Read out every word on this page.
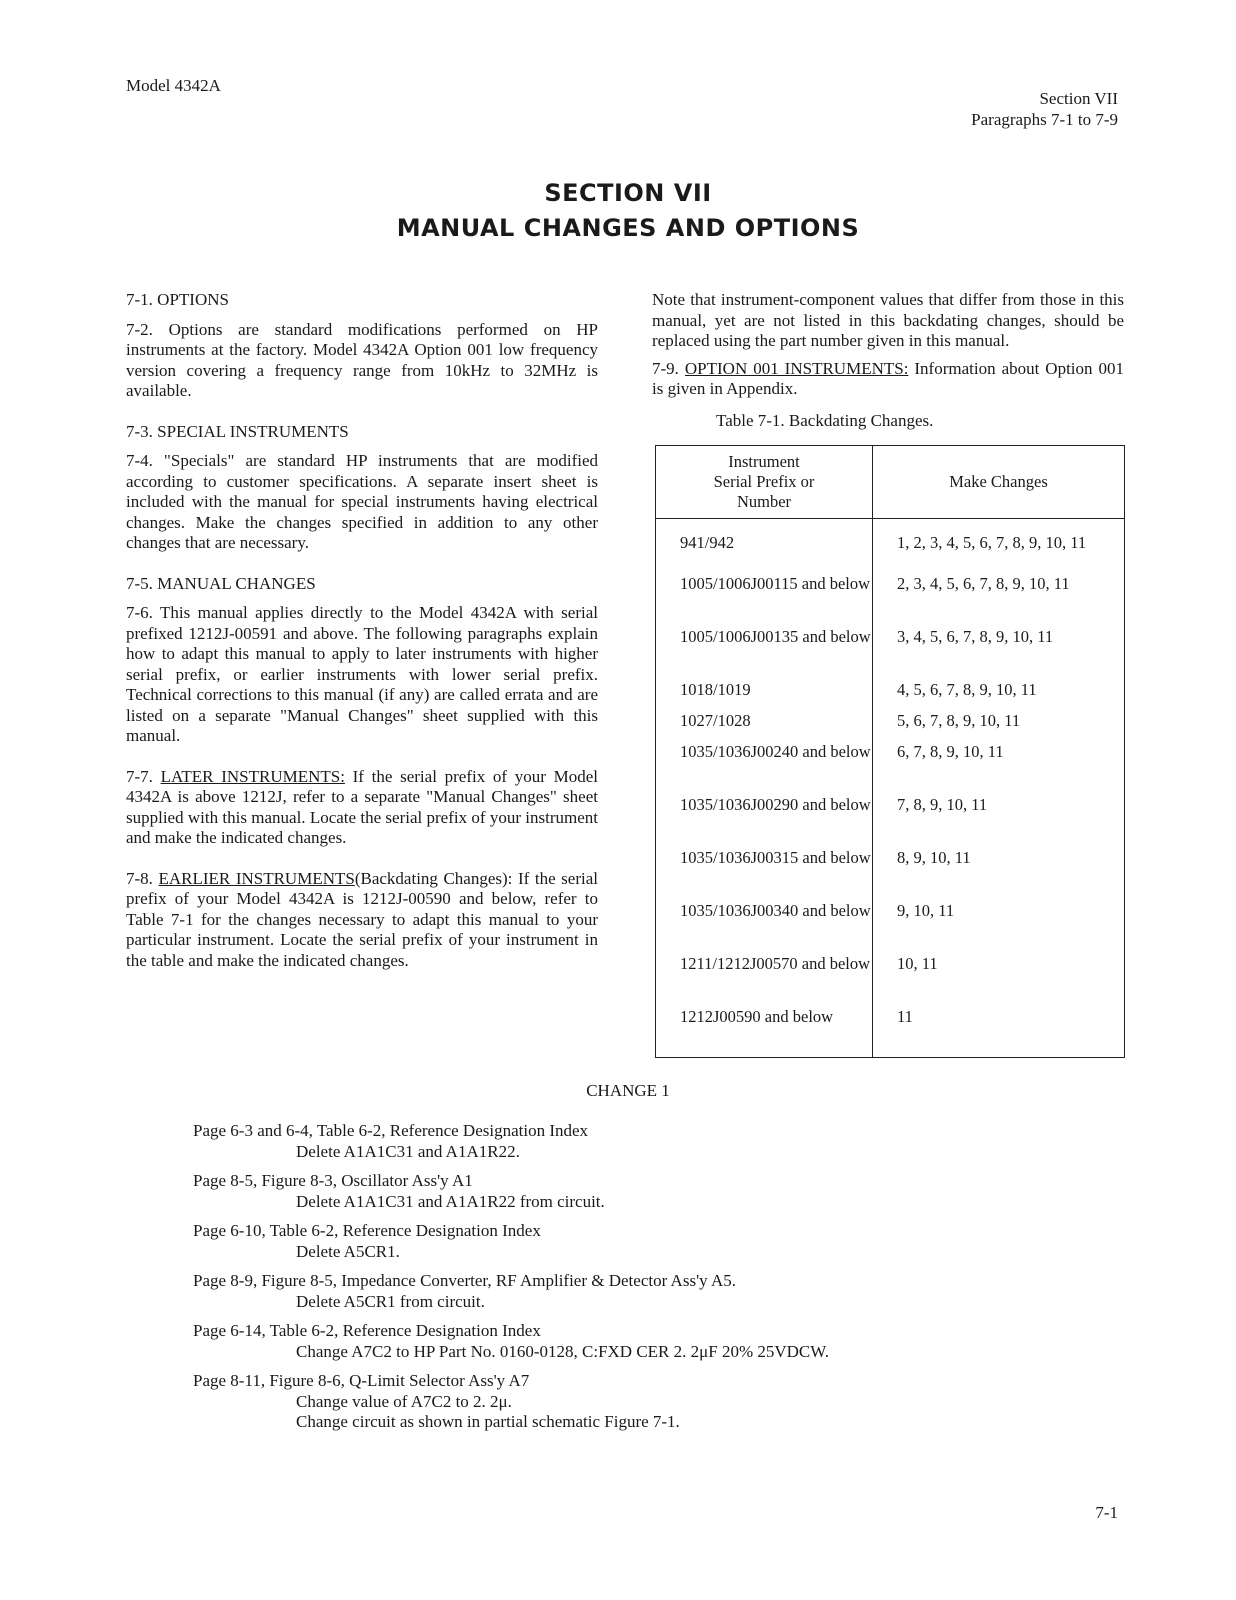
Model 4342A
Section VII
Paragraphs 7-1 to 7-9
SECTION VII
MANUAL CHANGES AND OPTIONS
7-1. OPTIONS

7-2. Options are standard modifications performed on HP instruments at the factory. Model 4342A Option 001 low frequency version covering a frequency range from 10kHz to 32MHz is available.

7-3. SPECIAL INSTRUMENTS

7-4. "Specials" are standard HP instruments that are modified according to customer specifications. A separate insert sheet is included with the manual for special instruments having electrical changes. Make the changes specified in addition to any other changes that are necessary.

7-5. MANUAL CHANGES

7-6. This manual applies directly to the Model 4342A with serial prefixed 1212J-00591 and above. The following paragraphs explain how to adapt this manual to apply to later instruments with higher serial prefix, or earlier instruments with lower serial prefix. Technical corrections to this manual (if any) are called errata and are listed on a separate "Manual Changes" sheet supplied with this manual.

7-7. LATER INSTRUMENTS: If the serial prefix of your Model 4342A is above 1212J, refer to a separate "Manual Changes" sheet supplied with this manual. Locate the serial prefix of your instrument and make the indicated changes.

7-8. EARLIER INSTRUMENTS(Backdating Changes): If the serial prefix of your Model 4342A is 1212J-00590 and below, refer to Table 7-1 for the changes necessary to adapt this manual to your particular instrument. Locate the serial prefix of your instrument in the table and make the indicated changes.

Note that instrument-component values that differ from those in this manual, yet are not listed in this backdating changes, should be replaced using the part number given in this manual.

7-9. OPTION 001 INSTRUMENTS: Information about Option 001 is given in Appendix.

Table 7-1. Backdating Changes.
Instrument
Serial Prefix or
Number	Make Changes
941/942	1, 2, 3, 4, 5, 6, 7, 8, 9, 10, 11
1005/1006J00115 and below	2, 3, 4, 5, 6, 7, 8, 9, 10, 11
1005/1006J00135 and below	3, 4, 5, 6, 7, 8, 9, 10, 11
1018/1019	4, 5, 6, 7, 8, 9, 10, 11
1027/1028	5, 6, 7, 8, 9, 10, 11
1035/1036J00240 and below	6, 7, 8, 9, 10, 11
1035/1036J00290 and below	7, 8, 9, 10, 11
1035/1036J00315 and below	8, 9, 10, 11
1035/1036J00340 and below	9, 10, 11
1211/1212J00570 and below	10, 11
1212J00590 and below	11
CHANGE 1
Page 6-3 and 6-4, Table 6-2, Reference Designation Index
Delete A1A1C31 and A1A1R22.
Page 8-5, Figure 8-3, Oscillator Ass'y A1
Delete A1A1C31 and A1A1R22 from circuit.
Page 6-10, Table 6-2, Reference Designation Index
Delete A5CR1.
Page 8-9, Figure 8-5, Impedance Converter, RF Amplifier & Detector Ass'y A5.
Delete A5CR1 from circuit.
Page 6-14, Table 6-2, Reference Designation Index
Change A7C2 to HP Part No. 0160-0128, C:FXD CER 2. 2μF 20% 25VDCW.
Page 8-11, Figure 8-6, Q-Limit Selector Ass'y A7
Change value of A7C2 to 2. 2μ.
Change circuit as shown in partial schematic Figure 7-1.
7-1
